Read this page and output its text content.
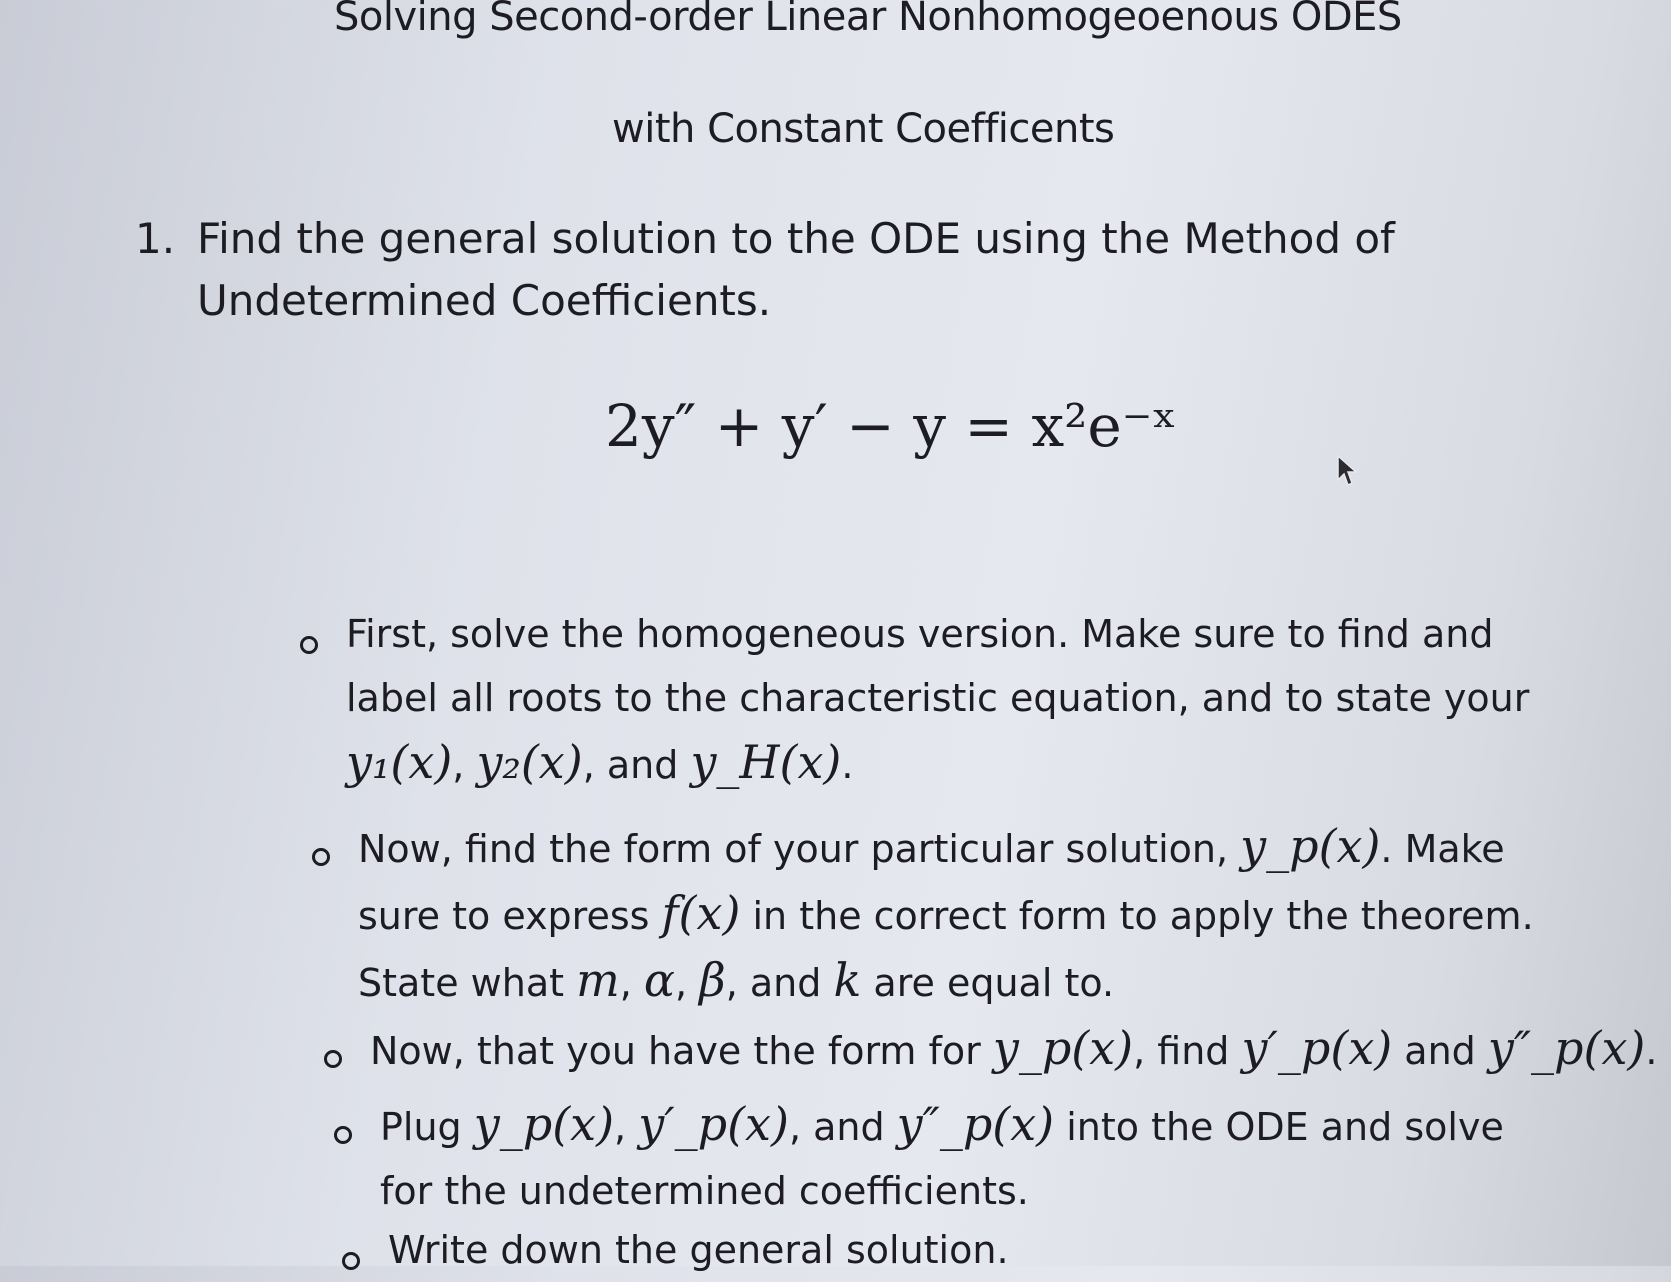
Solving Second-order Linear Nonhomogeoenous ODES
with Constant Coefficents
1. Find the general solution to the ODE using the Method of Undetermined Coefficients.
2y″ + y′ − y = x²e⁻ˣ
First, solve the homogeneous version. Make sure to find and label all roots to the characteristic equation, and to state your y₁(x), y₂(x), and y_H(x).
Now, find the form of your particular solution, y_p(x). Make sure to express f(x) in the correct form to apply the theorem. State what m, α, β, and k are equal to.
Now, that you have the form for y_p(x), find y′_p(x) and y″_p(x).
Plug y_p(x), y′_p(x), and y″_p(x) into the ODE and solve for the undetermined coefficients.
Write down the general solution.
